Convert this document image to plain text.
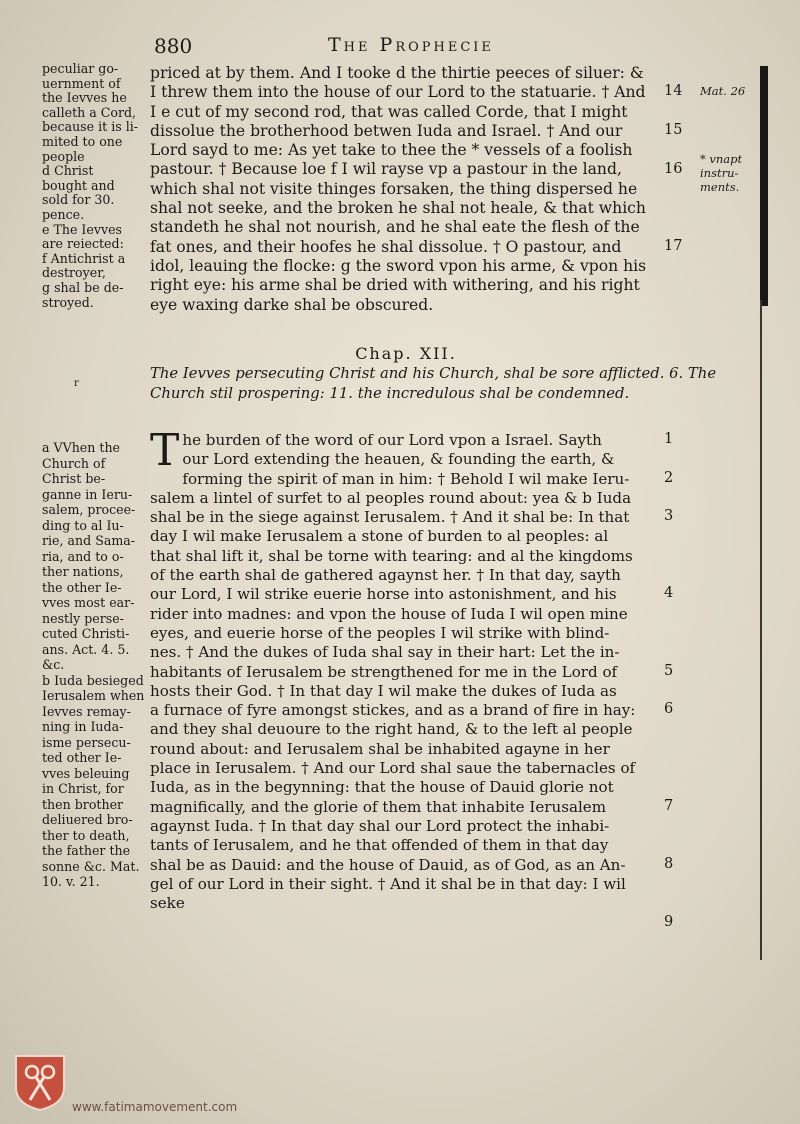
880	The Prophecie
peculiar go-
uernment of
the Ievves he
calleth a Cord,
because it is li-
mited to one
people
d Christ
bought and
sold for 30.
pence.
e The Ievves
are reiected:
f Antichrist a
destroyer,
g shal be de-
stroyed.
r
priced at by them. And I tooke d the thirtie peeces of siluer: &
I threw them into the house of our Lord to the statuarie. † And
I e cut of my second rod, that was called Corde, that I might
dissolue the brotherhood betwen Iuda and Israel. † And our
Lord sayd to me: As yet take to thee the * vessels of a foolish
pastour. † Because loe f I wil rayse vp a pastour in the land,
which shal not visite thinges forsaken, the thing dispersed he
shal not seeke, and the broken he shal not heale, & that which
standeth he shal not nourish, and he shal eate the flesh of the
fat ones, and their hoofes he shal dissolue. † O pastour, and
idol, leauing the flocke: g the sword vpon his arme, & vpon his
right eye: his arme shal be dried with withering, and his right
eye waxing darke shal be obscured.
14
15
16
17
Mat. 26
* vnapt
instru-
ments.
Chap. XII.
The Ievves persecuting Christ and his Church, shal be sore afflicted. 6. The
Church stil prospering: 11. the incredulous shal be condemned.
a VVhen the
Church of
Christ be-
ganne in Ieru-
salem, procee-
ding to al Iu-
rie, and Sama-
ria, and to o-
ther nations,
the other Ie-
vves most ear-
nestly perse-
cuted Christi-
ans. Act. 4. 5.
&c.
b Iuda besieged
Ierusalem when
Ievves remay-
ning in Iuda-
isme persecu-
ted other Ie-
vves beleuing
in Christ, for
then brother
deliuered bro-
ther to death,
the father the
sonne &c. Mat.
10. v. 21.
T he burden of the word of our Lord vpon a Israel. Sayth
our Lord extending the heauen, & founding the earth, &
forming the spirit of man in him: † Behold I wil make Ieru-
salem a lintel of surfet to al peoples round about: yea & b Iuda
shal be in the siege against Ierusalem. † And it shal be: In that
day I wil make Ierusalem a stone of burden to al peoples: al
that shal lift it, shal be torne with tearing: and al the kingdoms
of the earth shal de gathered agaynst her. † In that day, sayth
our Lord, I wil strike euerie horse into astonishment, and his
rider into madnes: and vpon the house of Iuda I wil open mine
eyes, and euerie horse of the peoples I wil strike with blind-
nes. † And the dukes of Iuda shal say in their hart: Let the in-
habitants of Ierusalem be strengthened for me in the Lord of
hosts their God. † In that day I wil make the dukes of Iuda as
a furnace of fyre amongst stickes, and as a brand of fire in hay:
and they shal deuoure to the right hand, & to the left al people
round about: and Ierusalem shal be inhabited agayne in her
place in Ierusalem. † And our Lord shal saue the tabernacles of
Iuda, as in the begynning: that the house of Dauid glorie not
magnifically, and the glorie of them that inhabite Ierusalem
agaynst Iuda. † In that day shal our Lord protect the inhabi-
tants of Ierusalem, and he that offended of them in that day
shal be as Dauid: and the house of Dauid, as of God, as an An-
gel of our Lord in their sight. † And it shal be in that day: I wil
seke
1
2
3
4
5
6
7
8
9
www.fatimamovement.com
